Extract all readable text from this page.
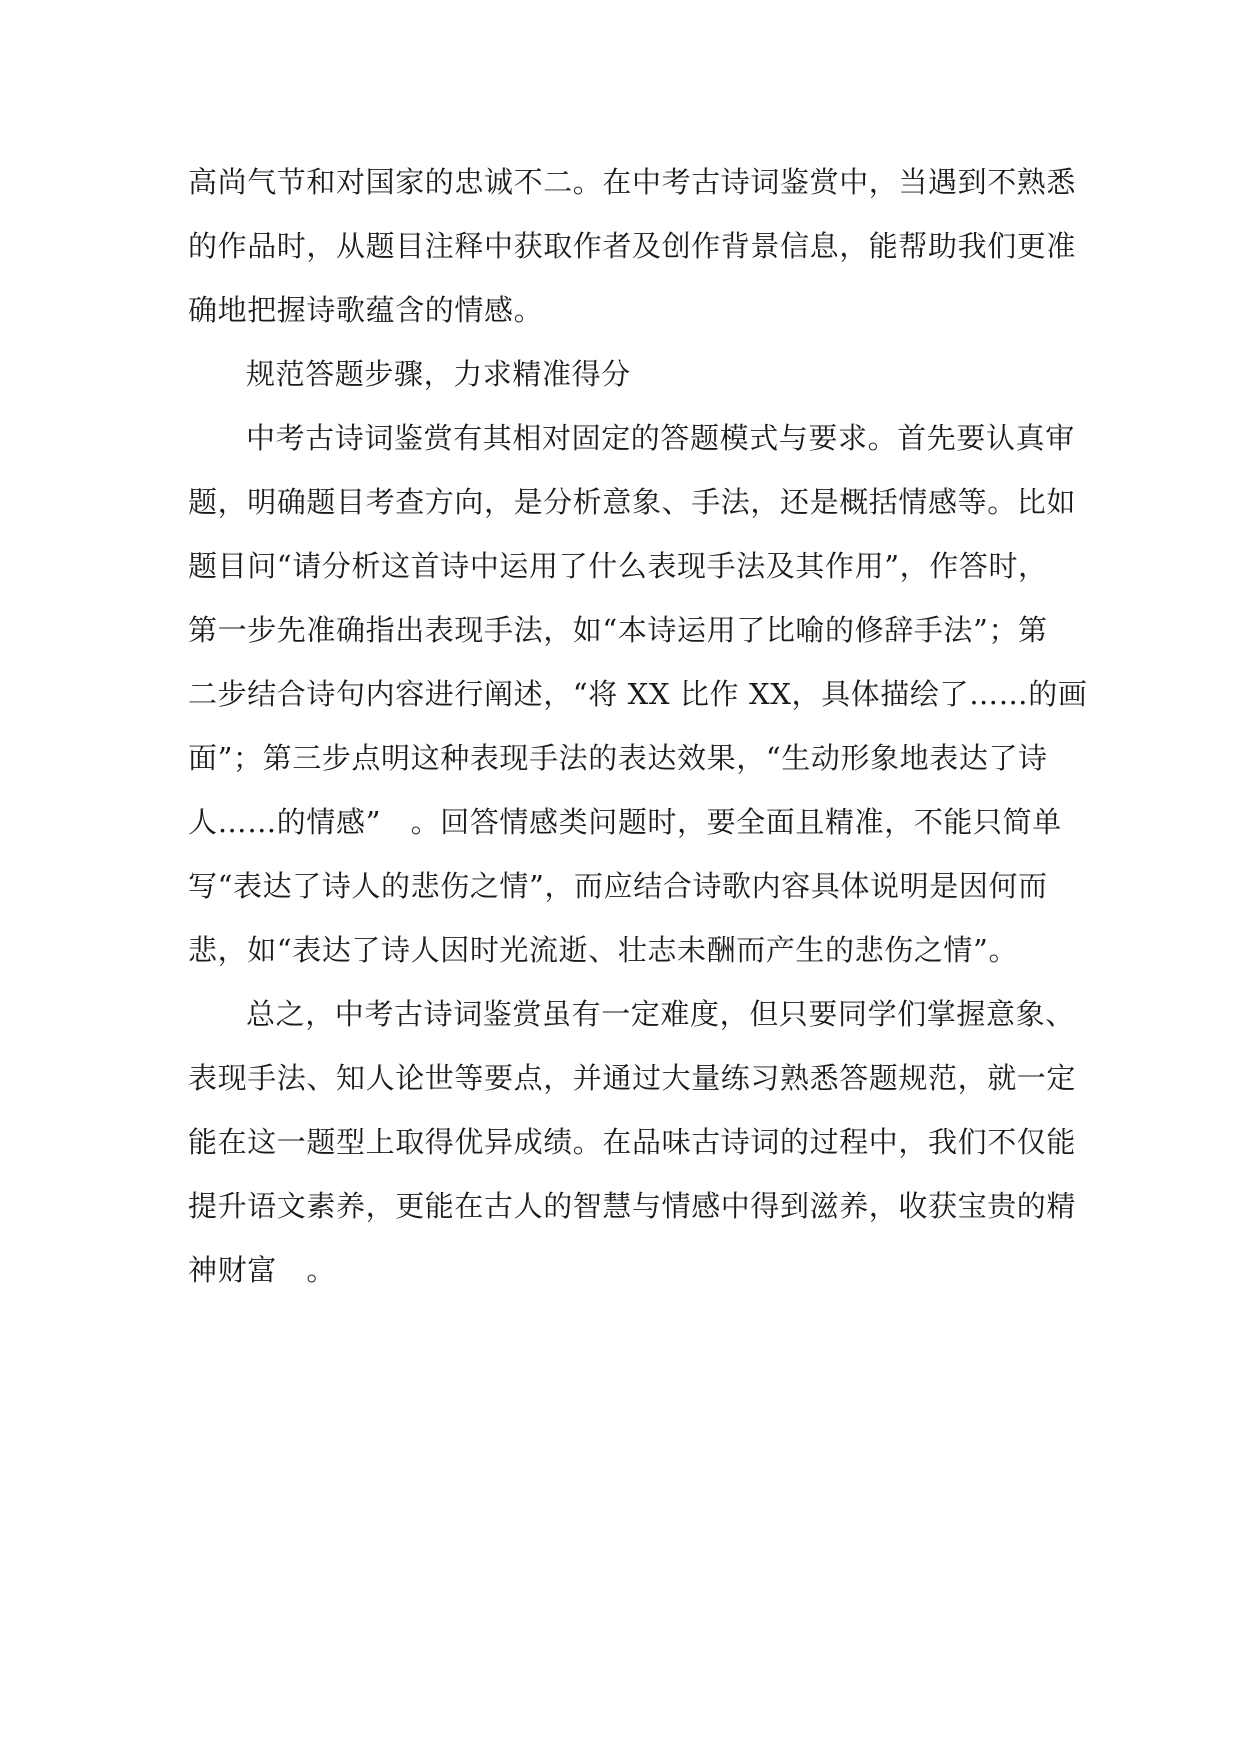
高尚气节和对国家的忠诚不二。在中考古诗词鉴赏中，当遇到不熟悉
的作品时，从题目注释中获取作者及创作背景信息，能帮助我们更准
确地把握诗歌蕴含的情感。
规范答题步骤，力求精准得分
中考古诗词鉴赏有其相对固定的答题模式与要求。首先要认真审
题，明确题目考查方向，是分析意象、手法，还是概括情感等。比如
题目问“请分析这首诗中运用了什么表现手法及其作用”，作答时，
第一步先准确指出表现手法，如“本诗运用了比喻的修辞手法”；第
二步结合诗句内容进行阐述，“将 XX 比作 XX，具体描绘了……的画
面”；第三步点明这种表现手法的表达效果，“生动形象地表达了诗
人……的情感”　。回答情感类问题时，要全面且精准，不能只简单
写“表达了诗人的悲伤之情”，而应结合诗歌内容具体说明是因何而
悲，如“表达了诗人因时光流逝、壮志未酬而产生的悲伤之情”。
总之，中考古诗词鉴赏虽有一定难度，但只要同学们掌握意象、
表现手法、知人论世等要点，并通过大量练习熟悉答题规范，就一定
能在这一题型上取得优异成绩。在品味古诗词的过程中，我们不仅能
提升语文素养，更能在古人的智慧与情感中得到滋养，收获宝贵的精
神财富　。
